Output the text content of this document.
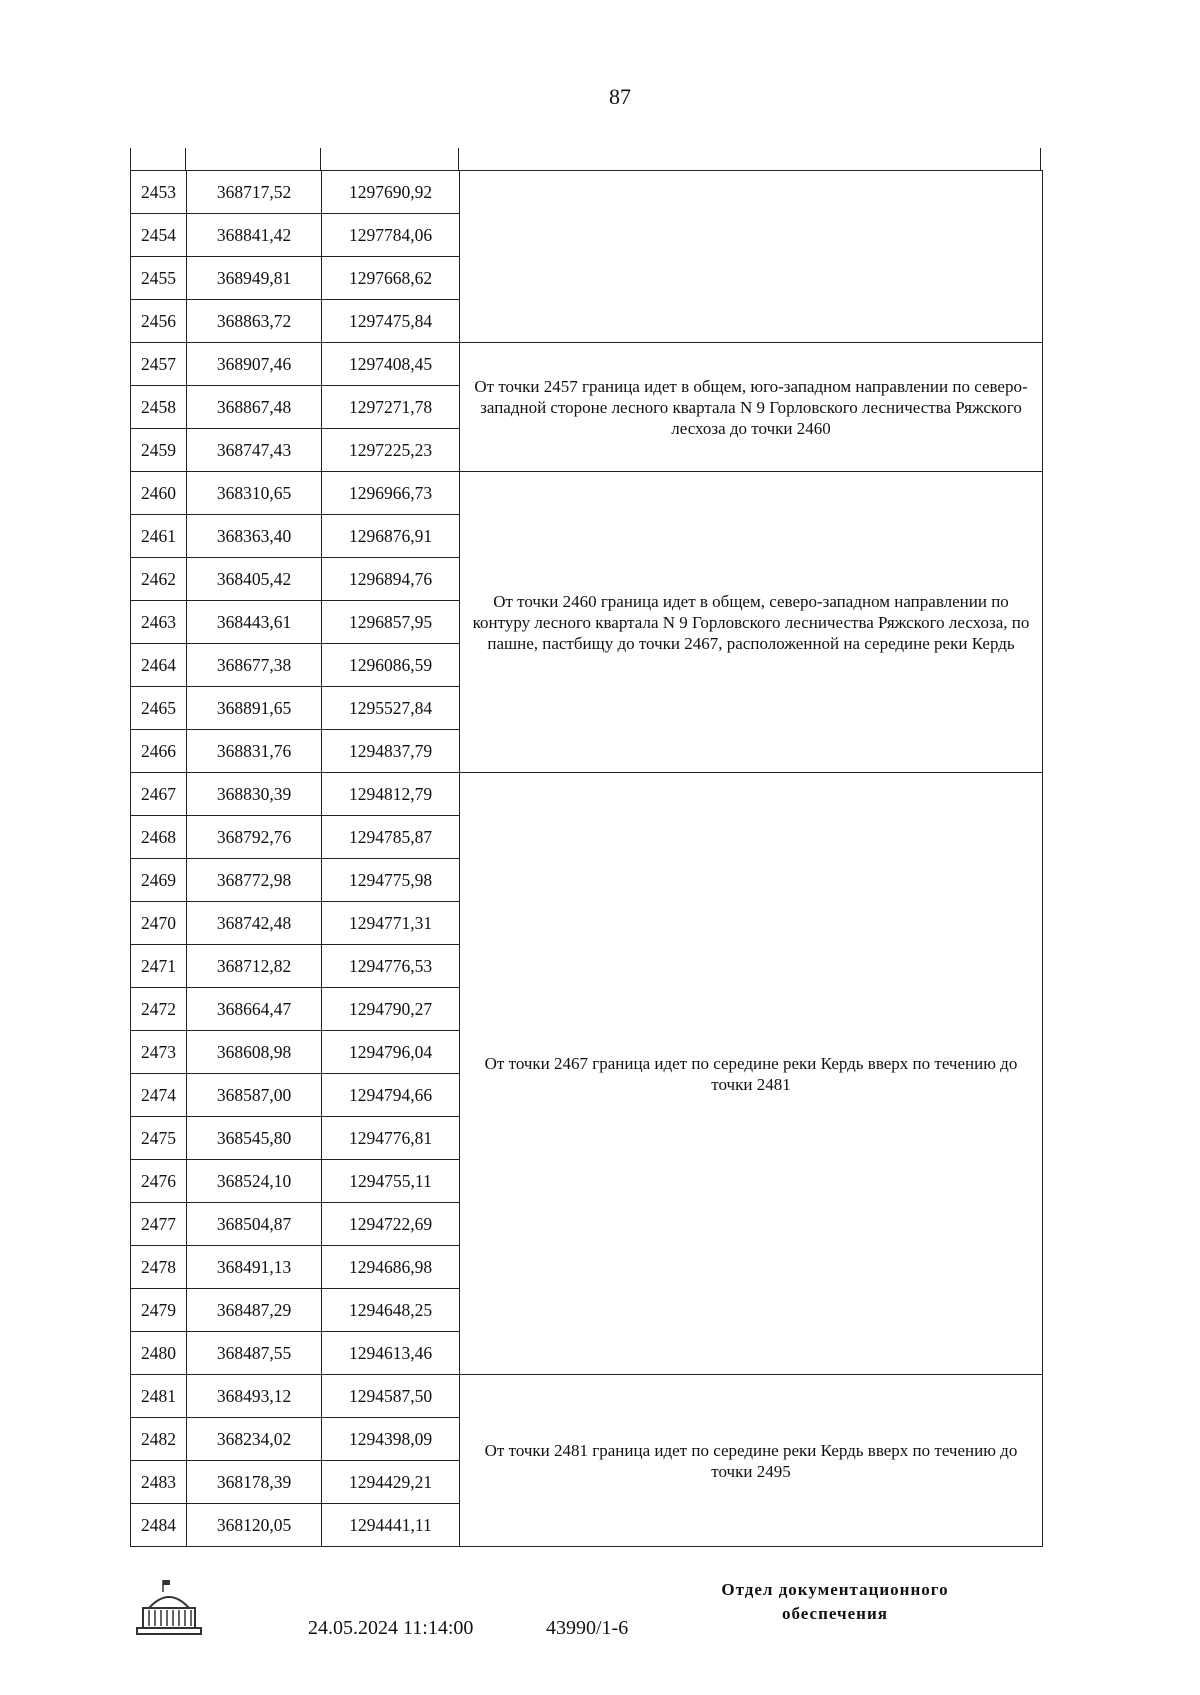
87
2453	368717,52	1297690,92	
2454	368841,42	1297784,06	
2455	368949,81	1297668,62	
2456	368863,72	1297475,84	
2457	368907,46	1297408,45	От точки 2457 граница идет в общем, юго-западном направлении по северо-западной стороне лесного квартала N 9 Горловского лесничества Ряжского лесхоза до точки 2460
2458	368867,48	1297271,78	
2459	368747,43	1297225,23	
2460	368310,65	1296966,73	От точки 2460 граница идет в общем, северо-западном направлении по контуру лесного квартала N 9 Горловского лесничества Ряжского лесхоза, по пашне, пастбищу до точки 2467, расположенной на середине реки Кердь
2461	368363,40	1296876,91	
2462	368405,42	1296894,76	
2463	368443,61	1296857,95	
2464	368677,38	1296086,59	
2465	368891,65	1295527,84	
2466	368831,76	1294837,79	
2467	368830,39	1294812,79	От точки 2467 граница идет по середине реки Кердь вверх по течению до точки 2481
2468	368792,76	1294785,87	
2469	368772,98	1294775,98	
2470	368742,48	1294771,31	
2471	368712,82	1294776,53	
2472	368664,47	1294790,27	
2473	368608,98	1294796,04	
2474	368587,00	1294794,66	
2475	368545,80	1294776,81	
2476	368524,10	1294755,11	
2477	368504,87	1294722,69	
2478	368491,13	1294686,98	
2479	368487,29	1294648,25	
2480	368487,55	1294613,46	
2481	368493,12	1294587,50	От точки 2481 граница идет по середине реки Кердь вверх по течению до точки 2495
2482	368234,02	1294398,09	
2483	368178,39	1294429,21	
2484	368120,05	1294441,11	
24.05.2024 11:14:00	43990/1-6
Отдел документационного
обеспечения
